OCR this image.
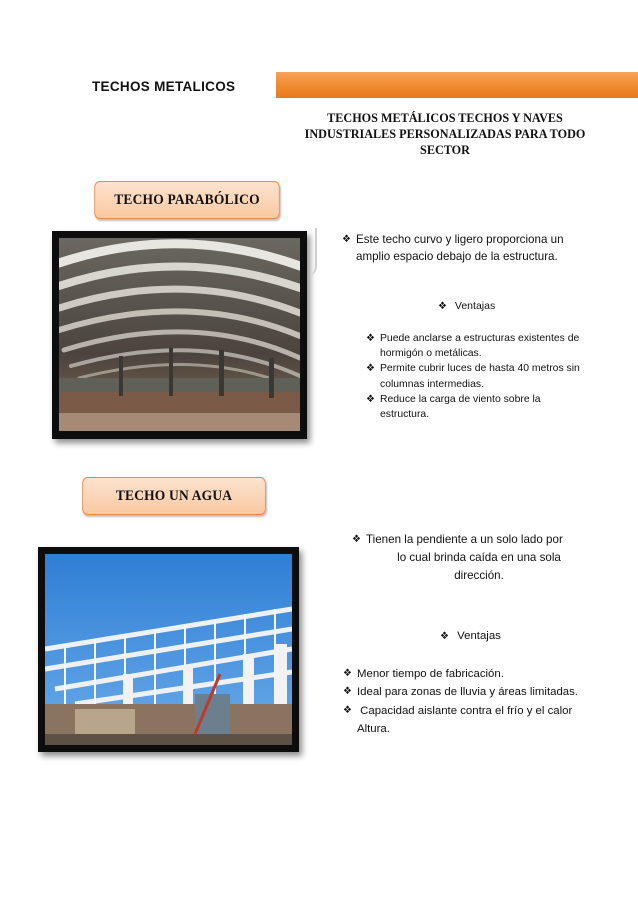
TECHOS METALICOS
TECHOS METÁLICOS TECHOS Y NAVES
INDUSTRIALES PERSONALIZADAS PARA TODO
SECTOR
TECHO PARABÓLICO
❖ Este techo curvo y ligero proporciona un
amplio espacio debajo de la estructura.
❖ Ventajas
❖ Puede anclarse a estructuras existentes de
hormigón o metálicas.
❖ Permite cubrir luces de hasta 40 metros sin
columnas intermedias.
❖ Reduce la carga de viento sobre la
estructura.
TECHO UN AGUA
❖ Tienen la pendiente a un solo lado por
lo cual brinda caída en una sola
dirección.
❖ Ventajas
❖ Menor tiempo de fabricación.
❖ Ideal para zonas de lluvia y áreas limitadas.
❖ Capacidad aislante contra el frío y el calor
Altura.
